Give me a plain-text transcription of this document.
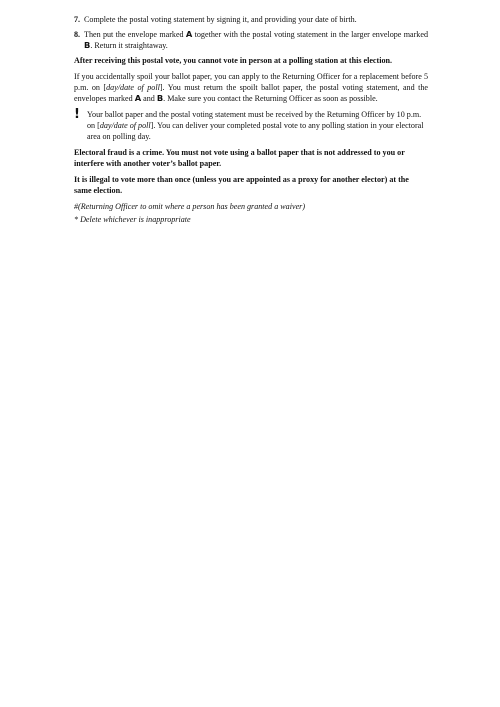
7. Complete the postal voting statement by signing it, and providing your date of birth.
8. Then put the envelope marked A together with the postal voting statement in the larger envelope marked B. Return it straightaway.

After receiving this postal vote, you cannot vote in person at a polling station at this election.

If you accidentally spoil your ballot paper, you can apply to the Returning Officer for a replacement before 5 p.m. on [day/date of poll]. You must return the spoilt ballot paper, the postal voting statement, and the envelopes marked A and B. Make sure you contact the Returning Officer as soon as possible.

! Your ballot paper and the postal voting statement must be received by the Returning Officer by 10 p.m. on [day/date of poll]. You can deliver your completed postal vote to any polling station in your electoral area on polling day.

Electoral fraud is a crime. You must not vote using a ballot paper that is not addressed to you or interfere with another voter’s ballot paper.

It is illegal to vote more than once (unless you are appointed as a proxy for another elector) at the same election.

#(Returning Officer to omit where a person has been granted a waiver)
* Delete whichever is inappropriate
